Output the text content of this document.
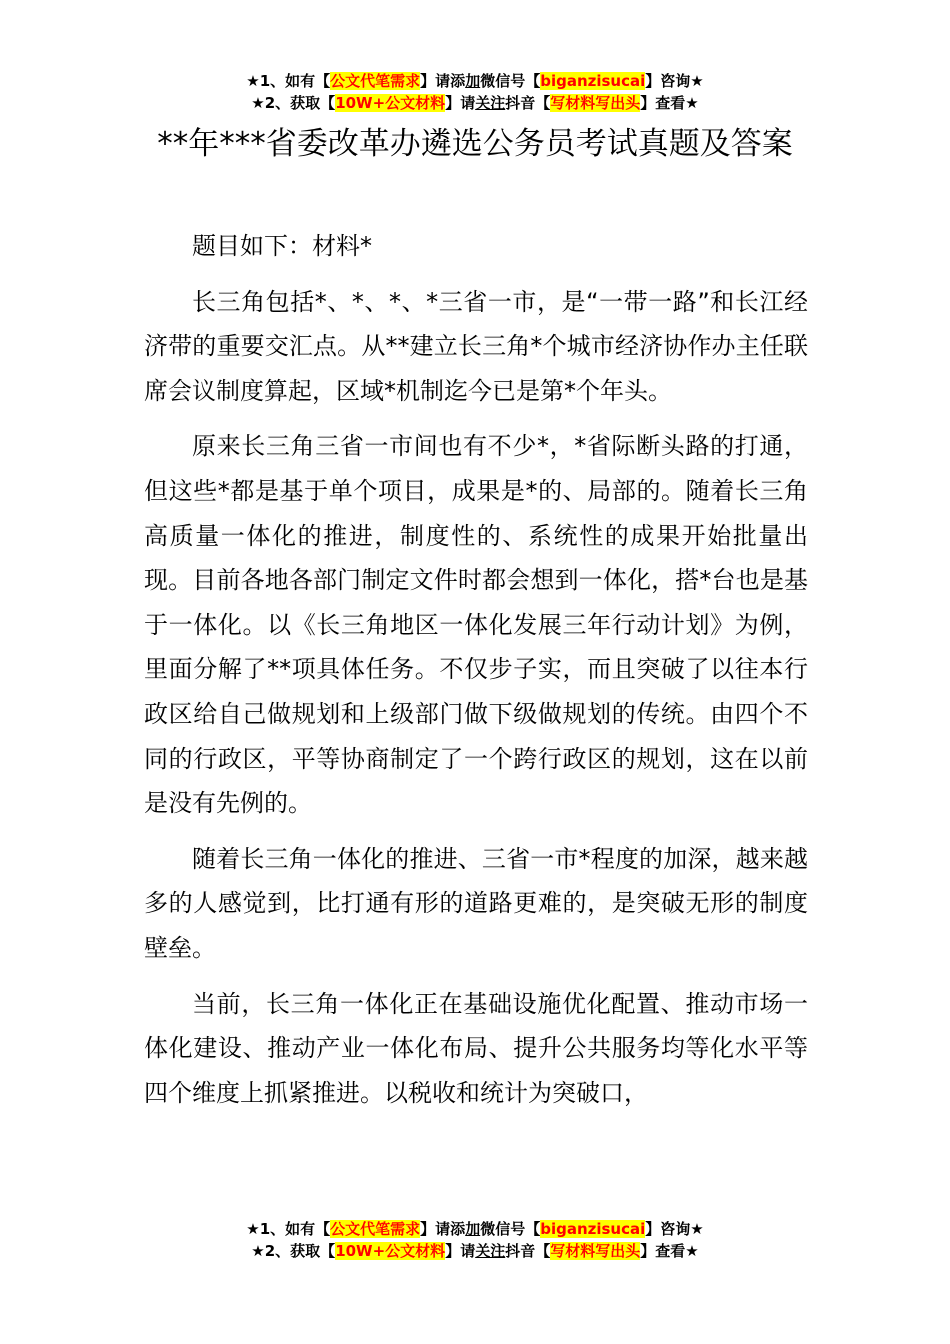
★1、如有【公文代笔需求】请添加微信号【biganzisucai】咨询★
★2、获取【10W+公文材料】请关注抖音【写材料写出头】查看★
**年***省委改革办遴选公务员考试真题及答案

题目如下：材料*

长三角包括*、*、*、*三省一市，是“一带一路”和长江经济带的重要交汇点。从**建立长三角*个城市经济协作办主任联席会议制度算起，区域*机制迄今已是第*个年头。

原来长三角三省一市间也有不少*，*省际断头路的打通，但这些*都是基于单个项目，成果是*的、局部的。随着长三角高质量一体化的推进，制度性的、系统性的成果开始批量出现。目前各地各部门制定文件时都会想到一体化，搭*台也是基于一体化。以《长三角地区一体化发展三年行动计划》为例，里面分解了**项具体任务。不仅步子实，而且突破了以往本行政区给自己做规划和上级部门做下级做规划的传统。由四个不同的行政区，平等协商制定了一个跨行政区的规划，这在以前是没有先例的。

随着长三角一体化的推进、三省一市*程度的加深，越来越多的人感觉到，比打通有形的道路更难的，是突破无形的制度壁垒。

当前，长三角一体化正在基础设施优化配置、推动市场一体化建设、推动产业一体化布局、提升公共服务均等化水平等四个维度上抓紧推进。以税收和统计为突破口，

★1、如有【公文代笔需求】请添加微信号【biganzisucai】咨询★
★2、获取【10W+公文材料】请关注抖音【写材料写出头】查看★
